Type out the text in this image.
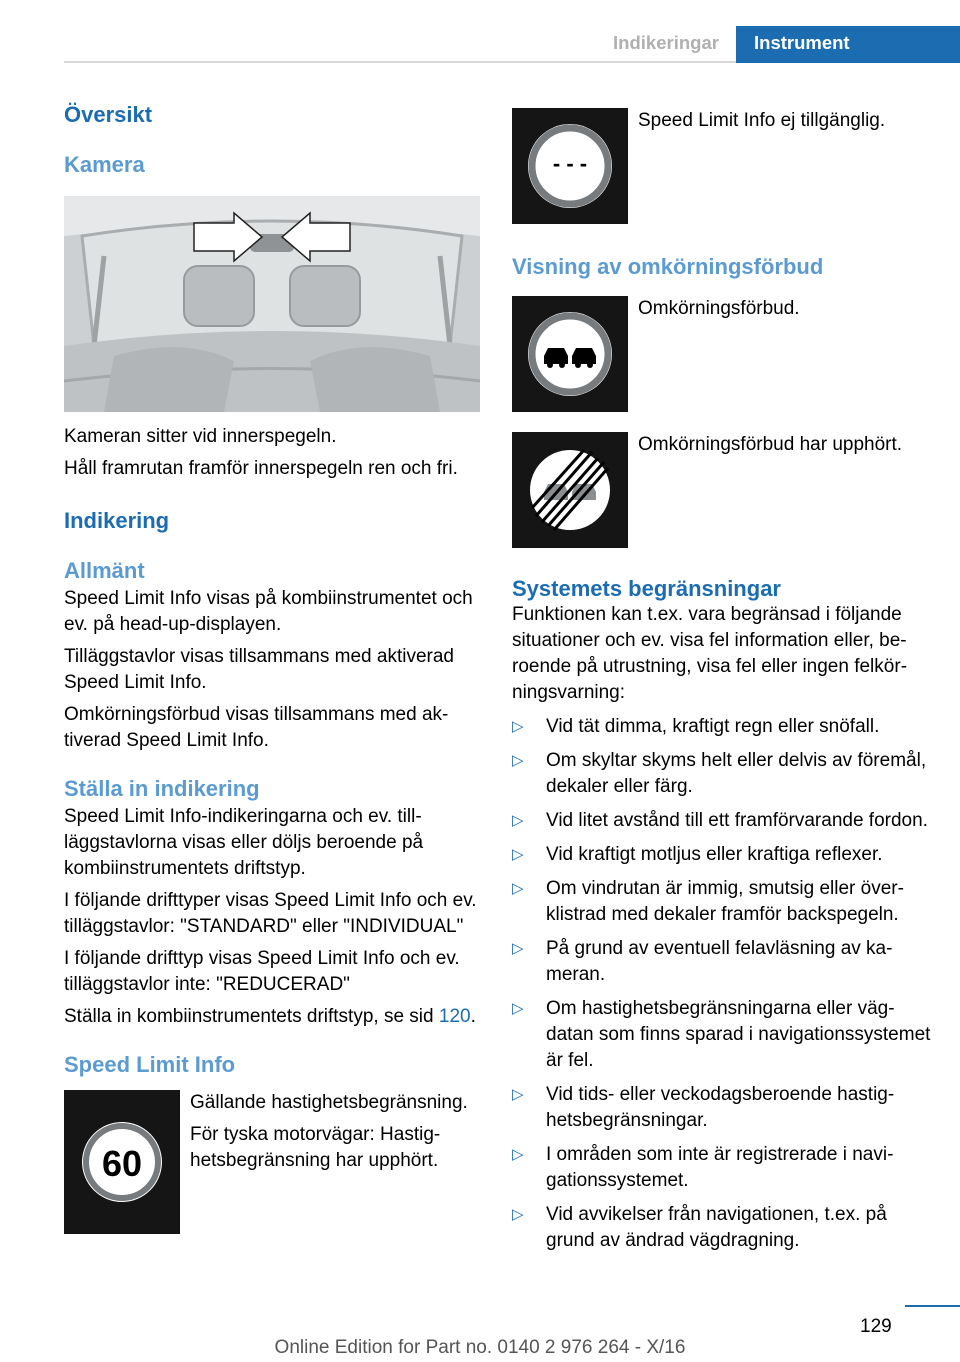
Indikeringar	Instrument
Översikt
Kamera

Kameran sitter vid innerspegeln.

Håll framrutan framför innerspegeln ren och fri.

Indikering
Allmänt

Speed Limit Info visas på kombiinstrumentet och ev. på head-up-displayen.

Tilläggstavlor visas tillsammans med aktiverad Speed Limit Info.

Omkörningsförbud visas tillsammans med aktiverad Speed Limit Info.

Ställa in indikering

Speed Limit Info-indikeringarna och ev. tillläggstavlorna visas eller döljs beroende på kombiinstrumentets driftstyp.

I följande drifttyper visas Speed Limit Info och ev. tilläggstavlor: "STANDARD" eller "INDIVIDUAL"

I följande drifttyp visas Speed Limit Info och ev. tilläggstavlor inte: "REDUCERAD"

Ställa in kombiinstrumentets driftstyp, se sid 120.

Speed Limit Info
60

Gällande hastighetsbegränsning.

För tyska motorvägar: Hastighetsbegränsning har upphört.

- - -

Speed Limit Info ej tillgänglig.

Visning av omkörningsförbud

Omkörningsförbud.

Omkörningsförbud har upphört.

Systemets begränsningar

Funktionen kan t.ex. vara begränsad i följande situationer och ev. visa fel information eller, beroende på utrustning, visa fel eller ingen felkörningsvarning:

▷ Vid tät dimma, kraftigt regn eller snöfall.
▷ Om skyltar skyms helt eller delvis av föremål, dekaler eller färg.
▷ Vid litet avstånd till ett framförvarande fordon.
▷ Vid kraftigt motljus eller kraftiga reflexer.
▷ Om vindrutan är immig, smutsig eller överklistrad med dekaler framför backspegeln.
▷ På grund av eventuell felavläsning av kameran.
▷ Om hastighetsbegränsningarna eller vägdatan som finns sparad i navigationssystemet är fel.
▷ Vid tids- eller veckodagsberoende hastighetsbegränsningar.
▷ I områden som inte är registrerade i navigationssystemet.
▷ Vid avvikelser från navigationen, t.ex. på grund av ändrad vägdragning.
129
Online Edition for Part no. 0140 2 976 264 - X/16
